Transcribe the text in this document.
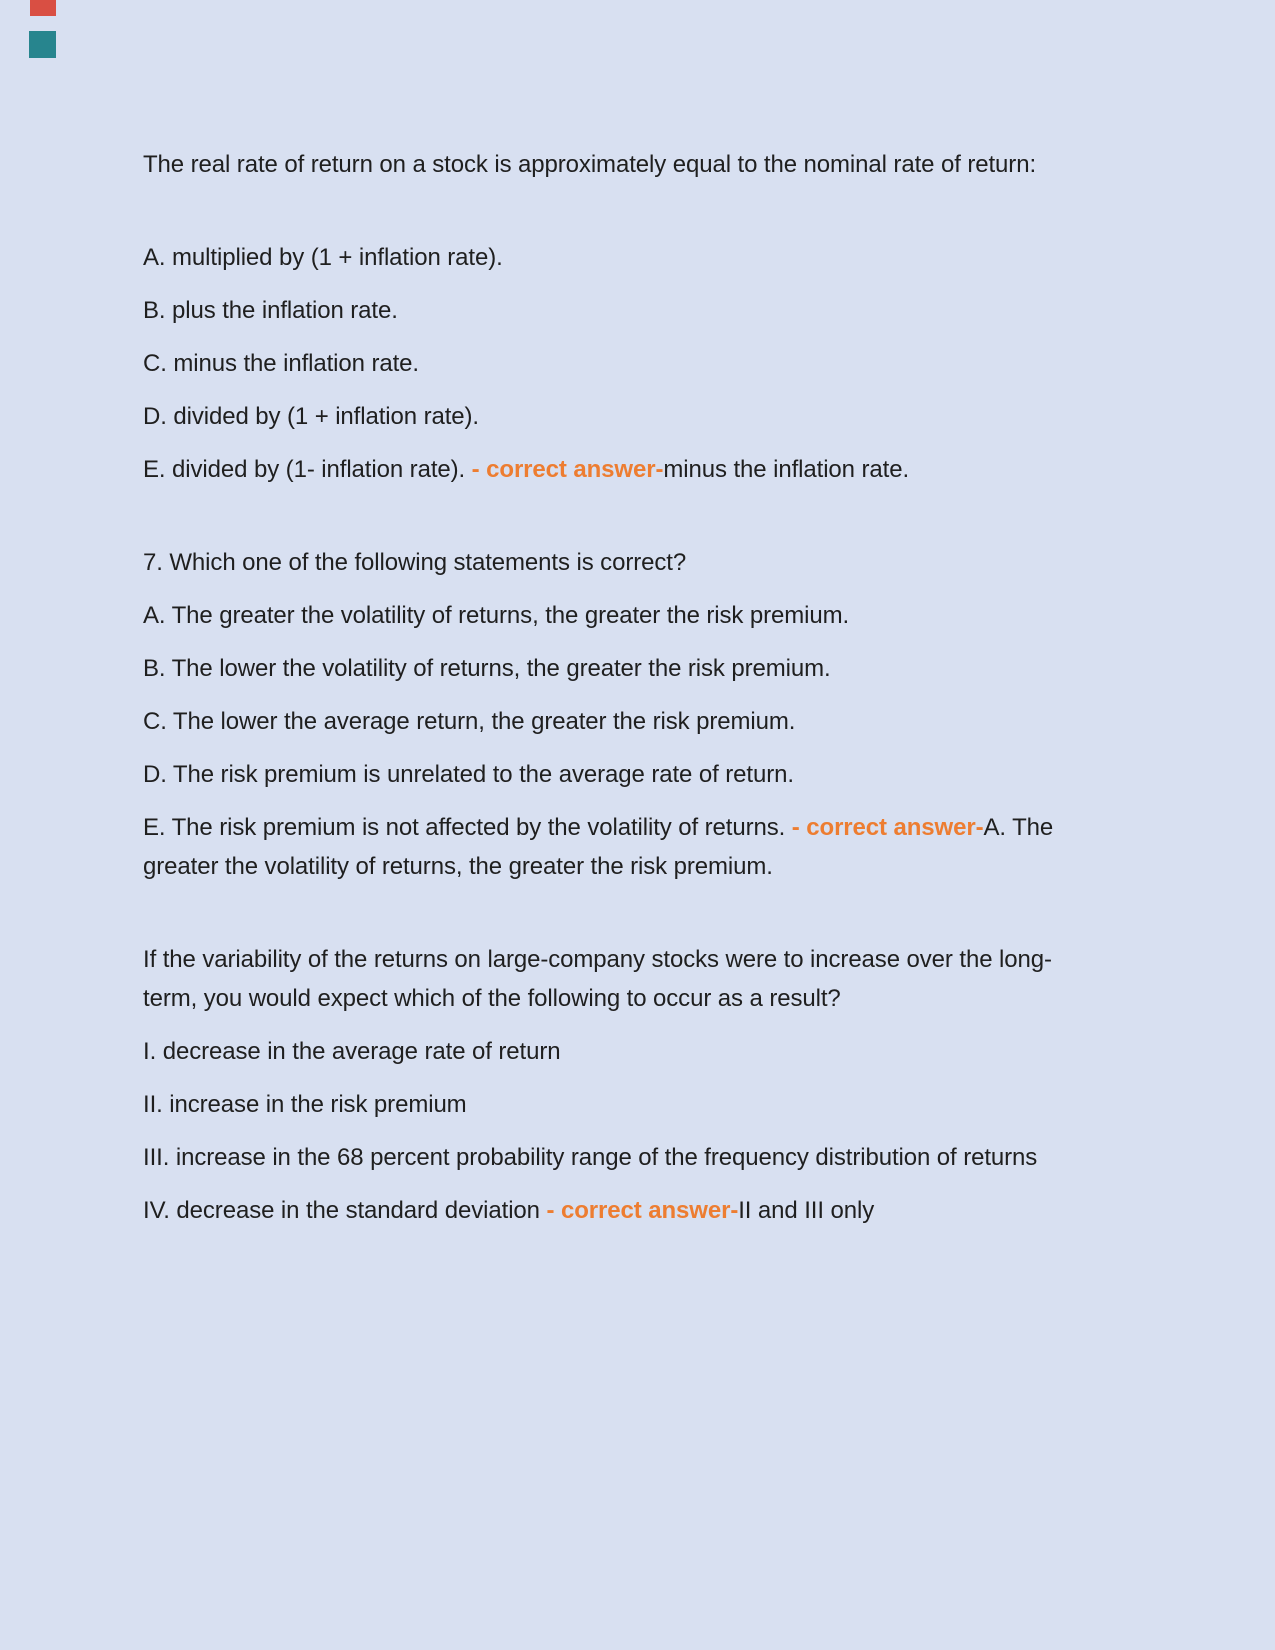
The real rate of return on a stock is approximately equal to the nominal rate of return:

A. multiplied by (1 + inflation rate).

B. plus the inflation rate.

C. minus the inflation rate.

D. divided by (1 + inflation rate).

E. divided by (1- inflation rate). - correct answer-minus the inflation rate.

7. Which one of the following statements is correct?

A. The greater the volatility of returns, the greater the risk premium.

B. The lower the volatility of returns, the greater the risk premium.

C. The lower the average return, the greater the risk premium.

D. The risk premium is unrelated to the average rate of return.

E. The risk premium is not affected by the volatility of returns. - correct answer-A. The greater the volatility of returns, the greater the risk premium.

If the variability of the returns on large-company stocks were to increase over the long-term, you would expect which of the following to occur as a result?

I. decrease in the average rate of return

II. increase in the risk premium

III. increase in the 68 percent probability range of the frequency distribution of returns

IV. decrease in the standard deviation - correct answer-II and III only
